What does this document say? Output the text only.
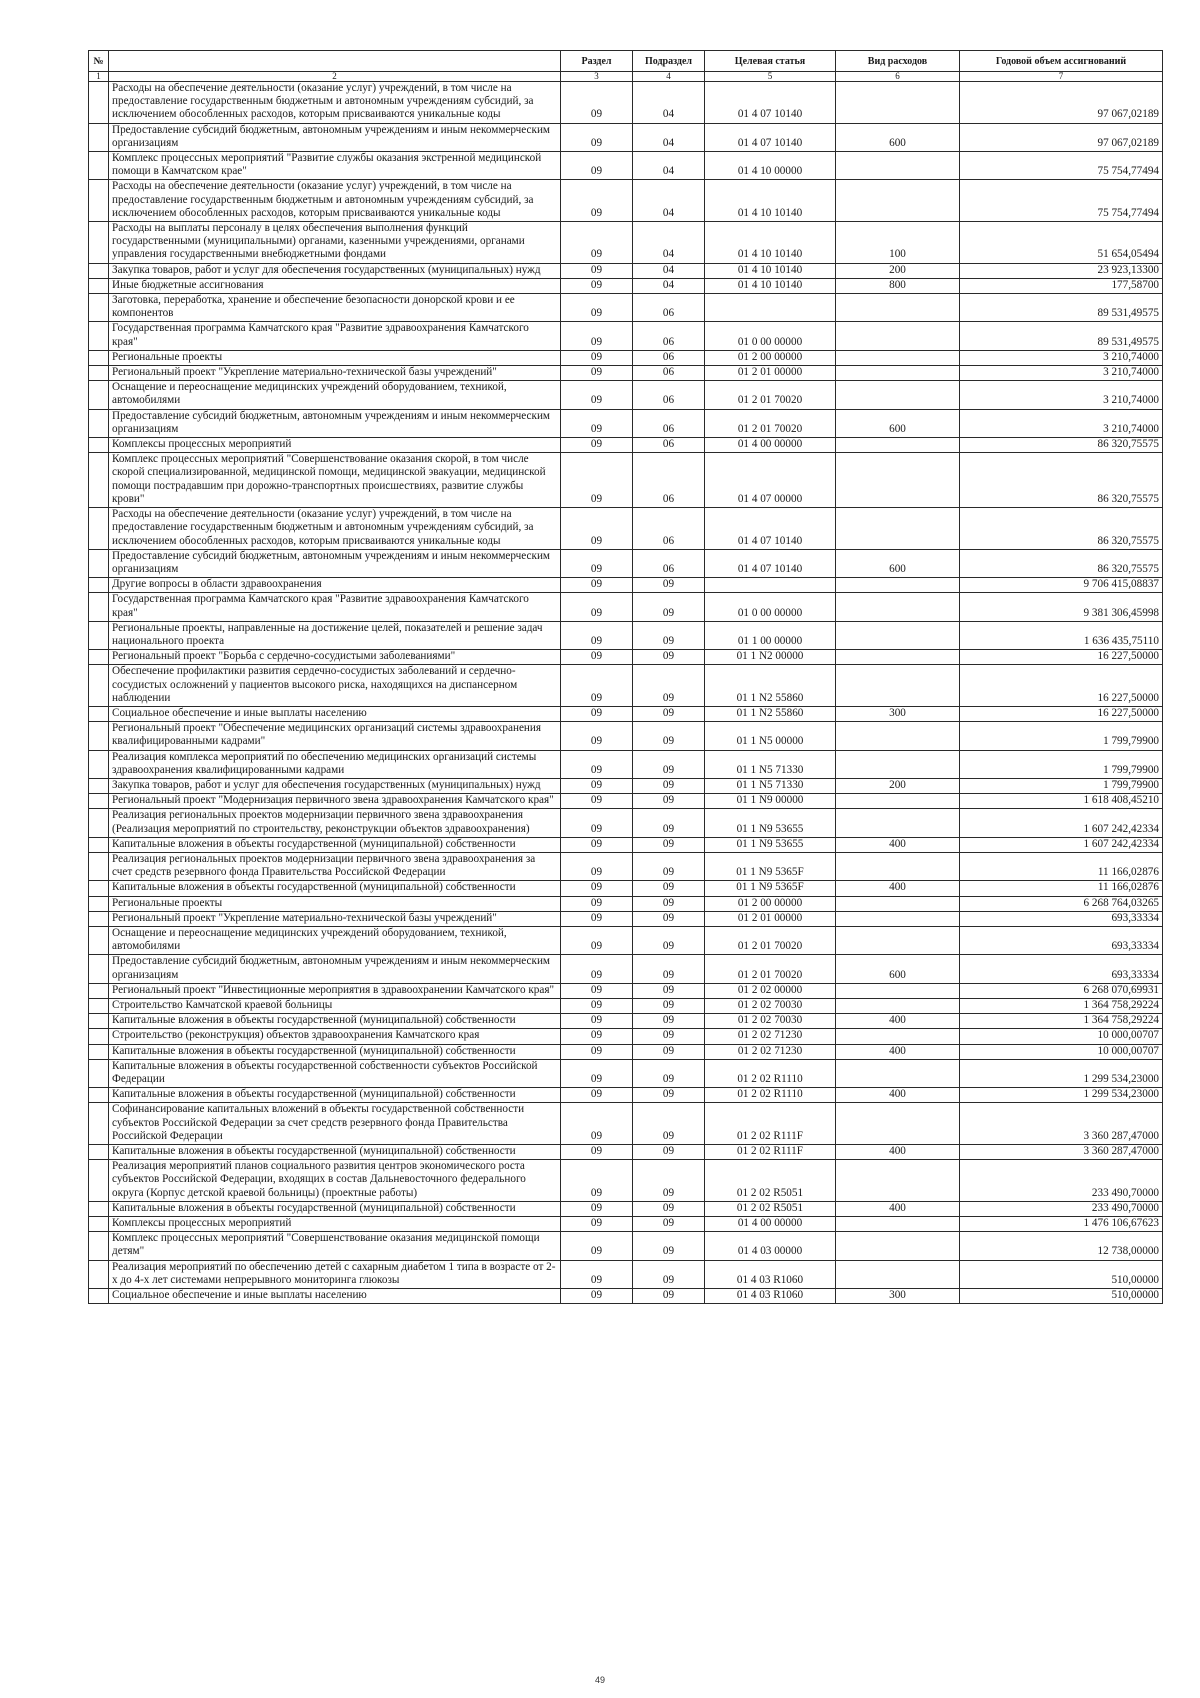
№		Раздел	Подраздел	Целевая статья	Вид расходов	Годовой объем ассигнований
1	2	3	4	5	6	7
	Расходы на обеспечение деятельности (оказание услуг) учреждений, в том числе на предоставление государственным бюджетным и автономным учреждениям субсидий, за исключением обособленных расходов, которым присваиваются уникальные коды	09	04	01 4 07 10140		97 067,02189
	Предоставление субсидий бюджетным, автономным учреждениям и иным некоммерческим организациям	09	04	01 4 07 10140	600	97 067,02189
	Комплекс процессных мероприятий "Развитие службы оказания экстренной медицинской помощи в Камчатском крае"	09	04	01 4 10 00000		75 754,77494
	Расходы на обеспечение деятельности (оказание услуг) учреждений, в том числе на предоставление государственным бюджетным и автономным учреждениям субсидий, за исключением обособленных расходов, которым присваиваются уникальные коды	09	04	01 4 10 10140		75 754,77494
	Расходы на выплаты персоналу в целях обеспечения выполнения функций государственными (муниципальными) органами, казенными учреждениями, органами управления государственными внебюджетными фондами	09	04	01 4 10 10140	100	51 654,05494
	Закупка товаров, работ и услуг для обеспечения государственных (муниципальных) нужд	09	04	01 4 10 10140	200	23 923,13300
	Иные бюджетные ассигнования	09	04	01 4 10 10140	800	177,58700
	Заготовка, переработка, хранение и обеспечение безопасности донорской крови и ее компонентов	09	06			89 531,49575
	Государственная программа Камчатского края "Развитие здравоохранения Камчатского края"	09	06	01 0 00 00000		89 531,49575
	Региональные проекты	09	06	01 2 00 00000		3 210,74000
	Региональный проект "Укрепление материально-технической базы учреждений"	09	06	01 2 01 00000		3 210,74000
	Оснащение и переоснащение медицинских учреждений оборудованием, техникой, автомобилями	09	06	01 2 01 70020		3 210,74000
	Предоставление субсидий бюджетным, автономным учреждениям и иным некоммерческим организациям	09	06	01 2 01 70020	600	3 210,74000
	Комплексы процессных мероприятий	09	06	01 4 00 00000		86 320,75575
	Комплекс процессных мероприятий "Совершенствование оказания скорой, в том числе скорой специализированной, медицинской помощи, медицинской эвакуации, медицинской помощи пострадавшим при дорожно-транспортных происшествиях, развитие службы крови"	09	06	01 4 07 00000		86 320,75575
	Расходы на обеспечение деятельности (оказание услуг) учреждений, в том числе на предоставление государственным бюджетным и автономным учреждениям субсидий, за исключением обособленных расходов, которым присваиваются уникальные коды	09	06	01 4 07 10140		86 320,75575
	Предоставление субсидий бюджетным, автономным учреждениям и иным некоммерческим организациям	09	06	01 4 07 10140	600	86 320,75575
	Другие вопросы в области здравоохранения	09	09			9 706 415,08837
	Государственная программа Камчатского края "Развитие здравоохранения Камчатского края"	09	09	01 0 00 00000		9 381 306,45998
	Региональные проекты, направленные на достижение целей, показателей и решение задач национального проекта	09	09	01 1 00 00000		1 636 435,75110
	Региональный проект "Борьба с сердечно-сосудистыми заболеваниями"	09	09	01 1 N2 00000		16 227,50000
	Обеспечение профилактики развития сердечно-сосудистых заболеваний и сердечно-сосудистых осложнений у пациентов высокого риска, находящихся на диспансерном наблюдении	09	09	01 1 N2 55860		16 227,50000
	Социальное обеспечение и иные выплаты населению	09	09	01 1 N2 55860	300	16 227,50000
	Региональный проект "Обеспечение медицинских организаций системы здравоохранения квалифицированными кадрами"	09	09	01 1 N5 00000		1 799,79900
	Реализация комплекса мероприятий по обеспечению медицинских организаций системы здравоохранения квалифицированными кадрами	09	09	01 1 N5 71330		1 799,79900
	Закупка товаров, работ и услуг для обеспечения государственных (муниципальных) нужд	09	09	01 1 N5 71330	200	1 799,79900
	Региональный проект "Модернизация первичного звена здравоохранения Камчатского края"	09	09	01 1 N9 00000		1 618 408,45210
	Реализация региональных проектов модернизации первичного звена здравоохранения (Реализация мероприятий по строительству, реконструкции объектов здравоохранения)	09	09	01 1 N9 53655		1 607 242,42334
	Капитальные вложения в объекты государственной (муниципальной) собственности	09	09	01 1 N9 53655	400	1 607 242,42334
	Реализация региональных проектов модернизации первичного звена здравоохранения за счет средств резервного фонда Правительства Российской Федерации	09	09	01 1 N9 5365F		11 166,02876
	Капитальные вложения в объекты государственной (муниципальной) собственности	09	09	01 1 N9 5365F	400	11 166,02876
	Региональные проекты	09	09	01 2 00 00000		6 268 764,03265
	Региональный проект "Укрепление материально-технической базы учреждений"	09	09	01 2 01 00000		693,33334
	Оснащение и переоснащение медицинских учреждений оборудованием, техникой, автомобилями	09	09	01 2 01 70020		693,33334
	Предоставление субсидий бюджетным, автономным учреждениям и иным некоммерческим организациям	09	09	01 2 01 70020	600	693,33334
	Региональный проект "Инвестиционные мероприятия в здравоохранении Камчатского края"	09	09	01 2 02 00000		6 268 070,69931
	Строительство Камчатской краевой больницы	09	09	01 2 02 70030		1 364 758,29224
	Капитальные вложения в объекты государственной (муниципальной) собственности	09	09	01 2 02 70030	400	1 364 758,29224
	Строительство (реконструкция) объектов здравоохранения Камчатского края	09	09	01 2 02 71230		10 000,00707
	Капитальные вложения в объекты государственной (муниципальной) собственности	09	09	01 2 02 71230	400	10 000,00707
	Капитальные вложения в объекты государственной собственности субъектов Российской Федерации	09	09	01 2 02 R1110		1 299 534,23000
	Капитальные вложения в объекты государственной (муниципальной) собственности	09	09	01 2 02 R1110	400	1 299 534,23000
	Софинансирование капитальных вложений в объекты государственной собственности субъектов Российской Федерации за счет средств резервного фонда Правительства Российской Федерации	09	09	01 2 02 R111F		3 360 287,47000
	Капитальные вложения в объекты государственной (муниципальной) собственности	09	09	01 2 02 R111F	400	3 360 287,47000
	Реализация мероприятий планов социального развития центров экономического роста субъектов Российской Федерации, входящих в состав Дальневосточного федерального округа (Корпус детской краевой больницы) (проектные работы)	09	09	01 2 02 R5051		233 490,70000
	Капитальные вложения в объекты государственной (муниципальной) собственности	09	09	01 2 02 R5051	400	233 490,70000
	Комплексы процессных мероприятий	09	09	01 4 00 00000		1 476 106,67623
	Комплекс процессных мероприятий "Совершенствование оказания медицинской помощи детям"	09	09	01 4 03 00000		12 738,00000
	Реализация мероприятий по обеспечению детей с сахарным диабетом 1 типа в возрасте от 2-х до 4-х лет системами непрерывного мониторинга глюкозы	09	09	01 4 03 R1060		510,00000
	Социальное обеспечение и иные выплаты населению	09	09	01 4 03 R1060	300	510,00000
49
